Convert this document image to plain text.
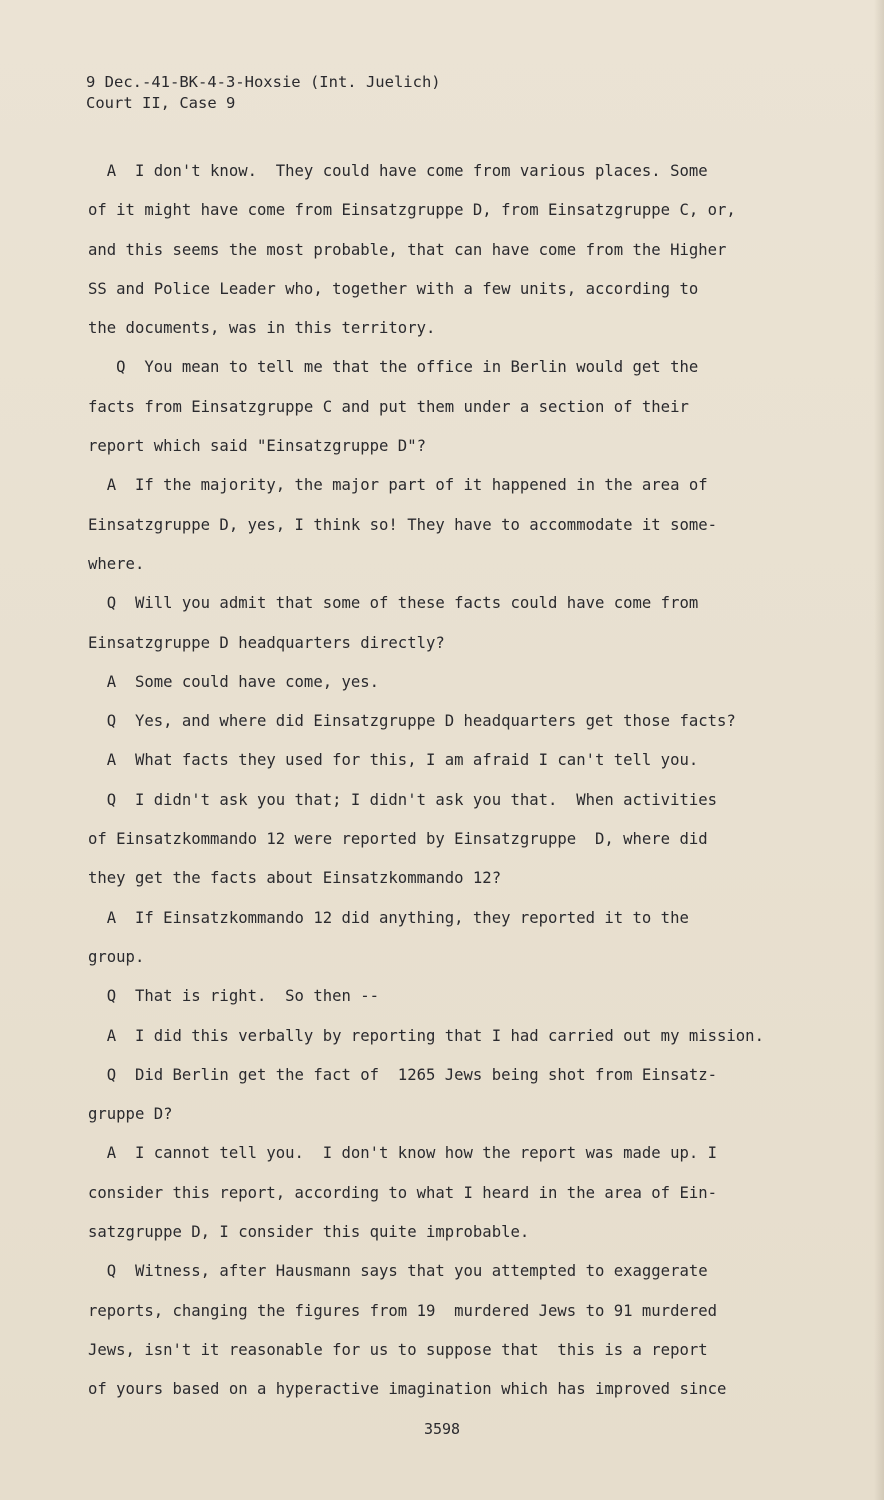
9 Dec.-41-BK-4-3-Hoxsie (Int. Juelich)
Court II, Case 9
A  I don't know.  They could have come from various places. Some
of it might have come from Einsatzgruppe D, from Einsatzgruppe C, or,
and this seems the most probable, that can have come from the Higher
SS and Police Leader who, together with a few units, according to
the documents, was in this territory.
Q  You mean to tell me that the office in Berlin would get the
facts from Einsatzgruppe C and put them under a section of their
report which said "Einsatzgruppe D"?
A  If the majority, the major part of it happened in the area of
Einsatzgruppe D, yes, I think so! They have to accommodate it some-
where.
Q  Will you admit that some of these facts could have come from
Einsatzgruppe D headquarters directly?
A  Some could have come, yes.
Q  Yes, and where did Einsatzgruppe D headquarters get those facts?
A  What facts they used for this, I am afraid I can't tell you.
Q  I didn't ask you that; I didn't ask you that.  When activities
of Einsatzkommando 12 were reported by Einsatzgruppe  D, where did
they get the facts about Einsatzkommando 12?
A  If Einsatzkommando 12 did anything, they reported it to the
group.
Q  That is right.  So then --
A  I did this verbally by reporting that I had carried out my mission.
Q  Did Berlin get the fact of  1265 Jews being shot from Einsatz-
gruppe D?
A  I cannot tell you.  I don't know how the report was made up. I
consider this report, according to what I heard in the area of Ein-
satzgruppe D, I consider this quite improbable.
Q  Witness, after Hausmann says that you attempted to exaggerate
reports, changing the figures from 19  murdered Jews to 91 murdered
Jews, isn't it reasonable for us to suppose that  this is a report
of yours based on a hyperactive imagination which has improved since
3598
